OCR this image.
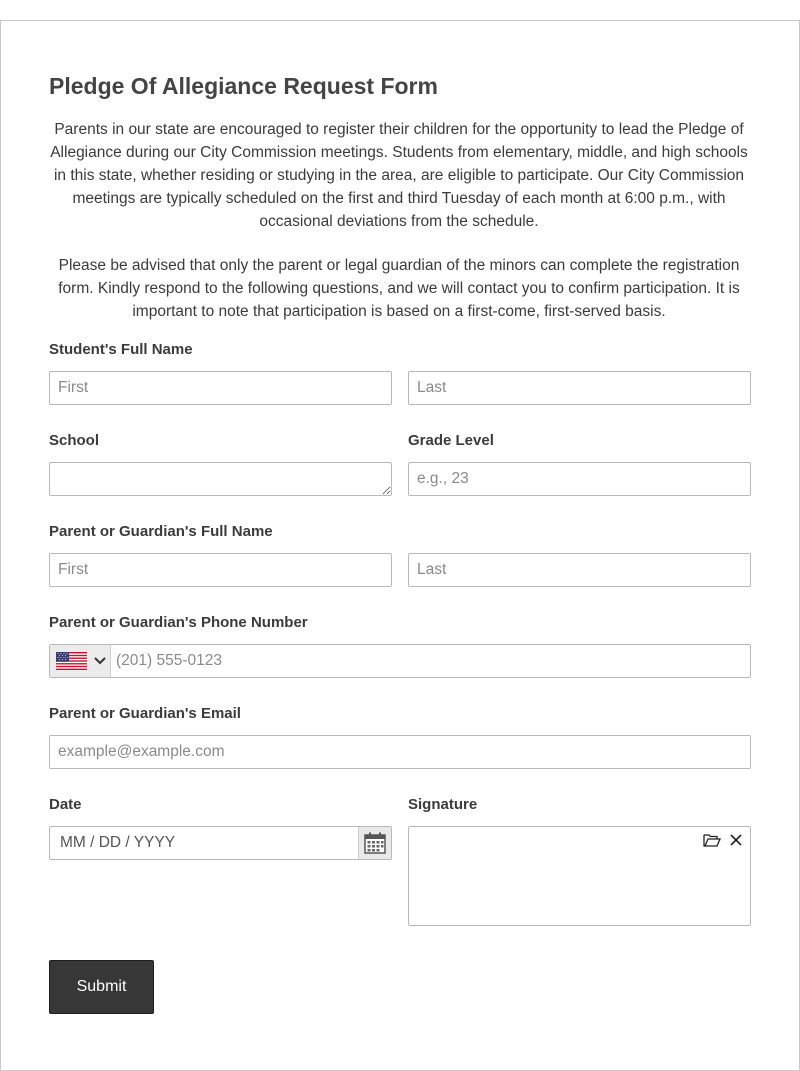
Pledge Of Allegiance Request Form

Parents in our state are encouraged to register their children for the opportunity to lead the Pledge of Allegiance during our City Commission meetings. Students from elementary, middle, and high schools in this state, whether residing or studying in the area, are eligible to participate. Our City Commission meetings are typically scheduled on the first and third Tuesday of each month at 6:00 p.m., with occasional deviations from the schedule.

Please be advised that only the parent or legal guardian of the minors can complete the registration form. Kindly respond to the following questions, and we will contact you to confirm participation. It is important to note that participation is based on a first-come, first-served basis.

Student's Full Name
First
Last
School	Grade Level
e.g., 23
Parent or Guardian's Full Name
First
Last
Parent or Guardian's Phone Number
(201) 555-0123
Parent or Guardian's Email
example@example.com
Date
MM / DD / YYYY	Signature
Submit
